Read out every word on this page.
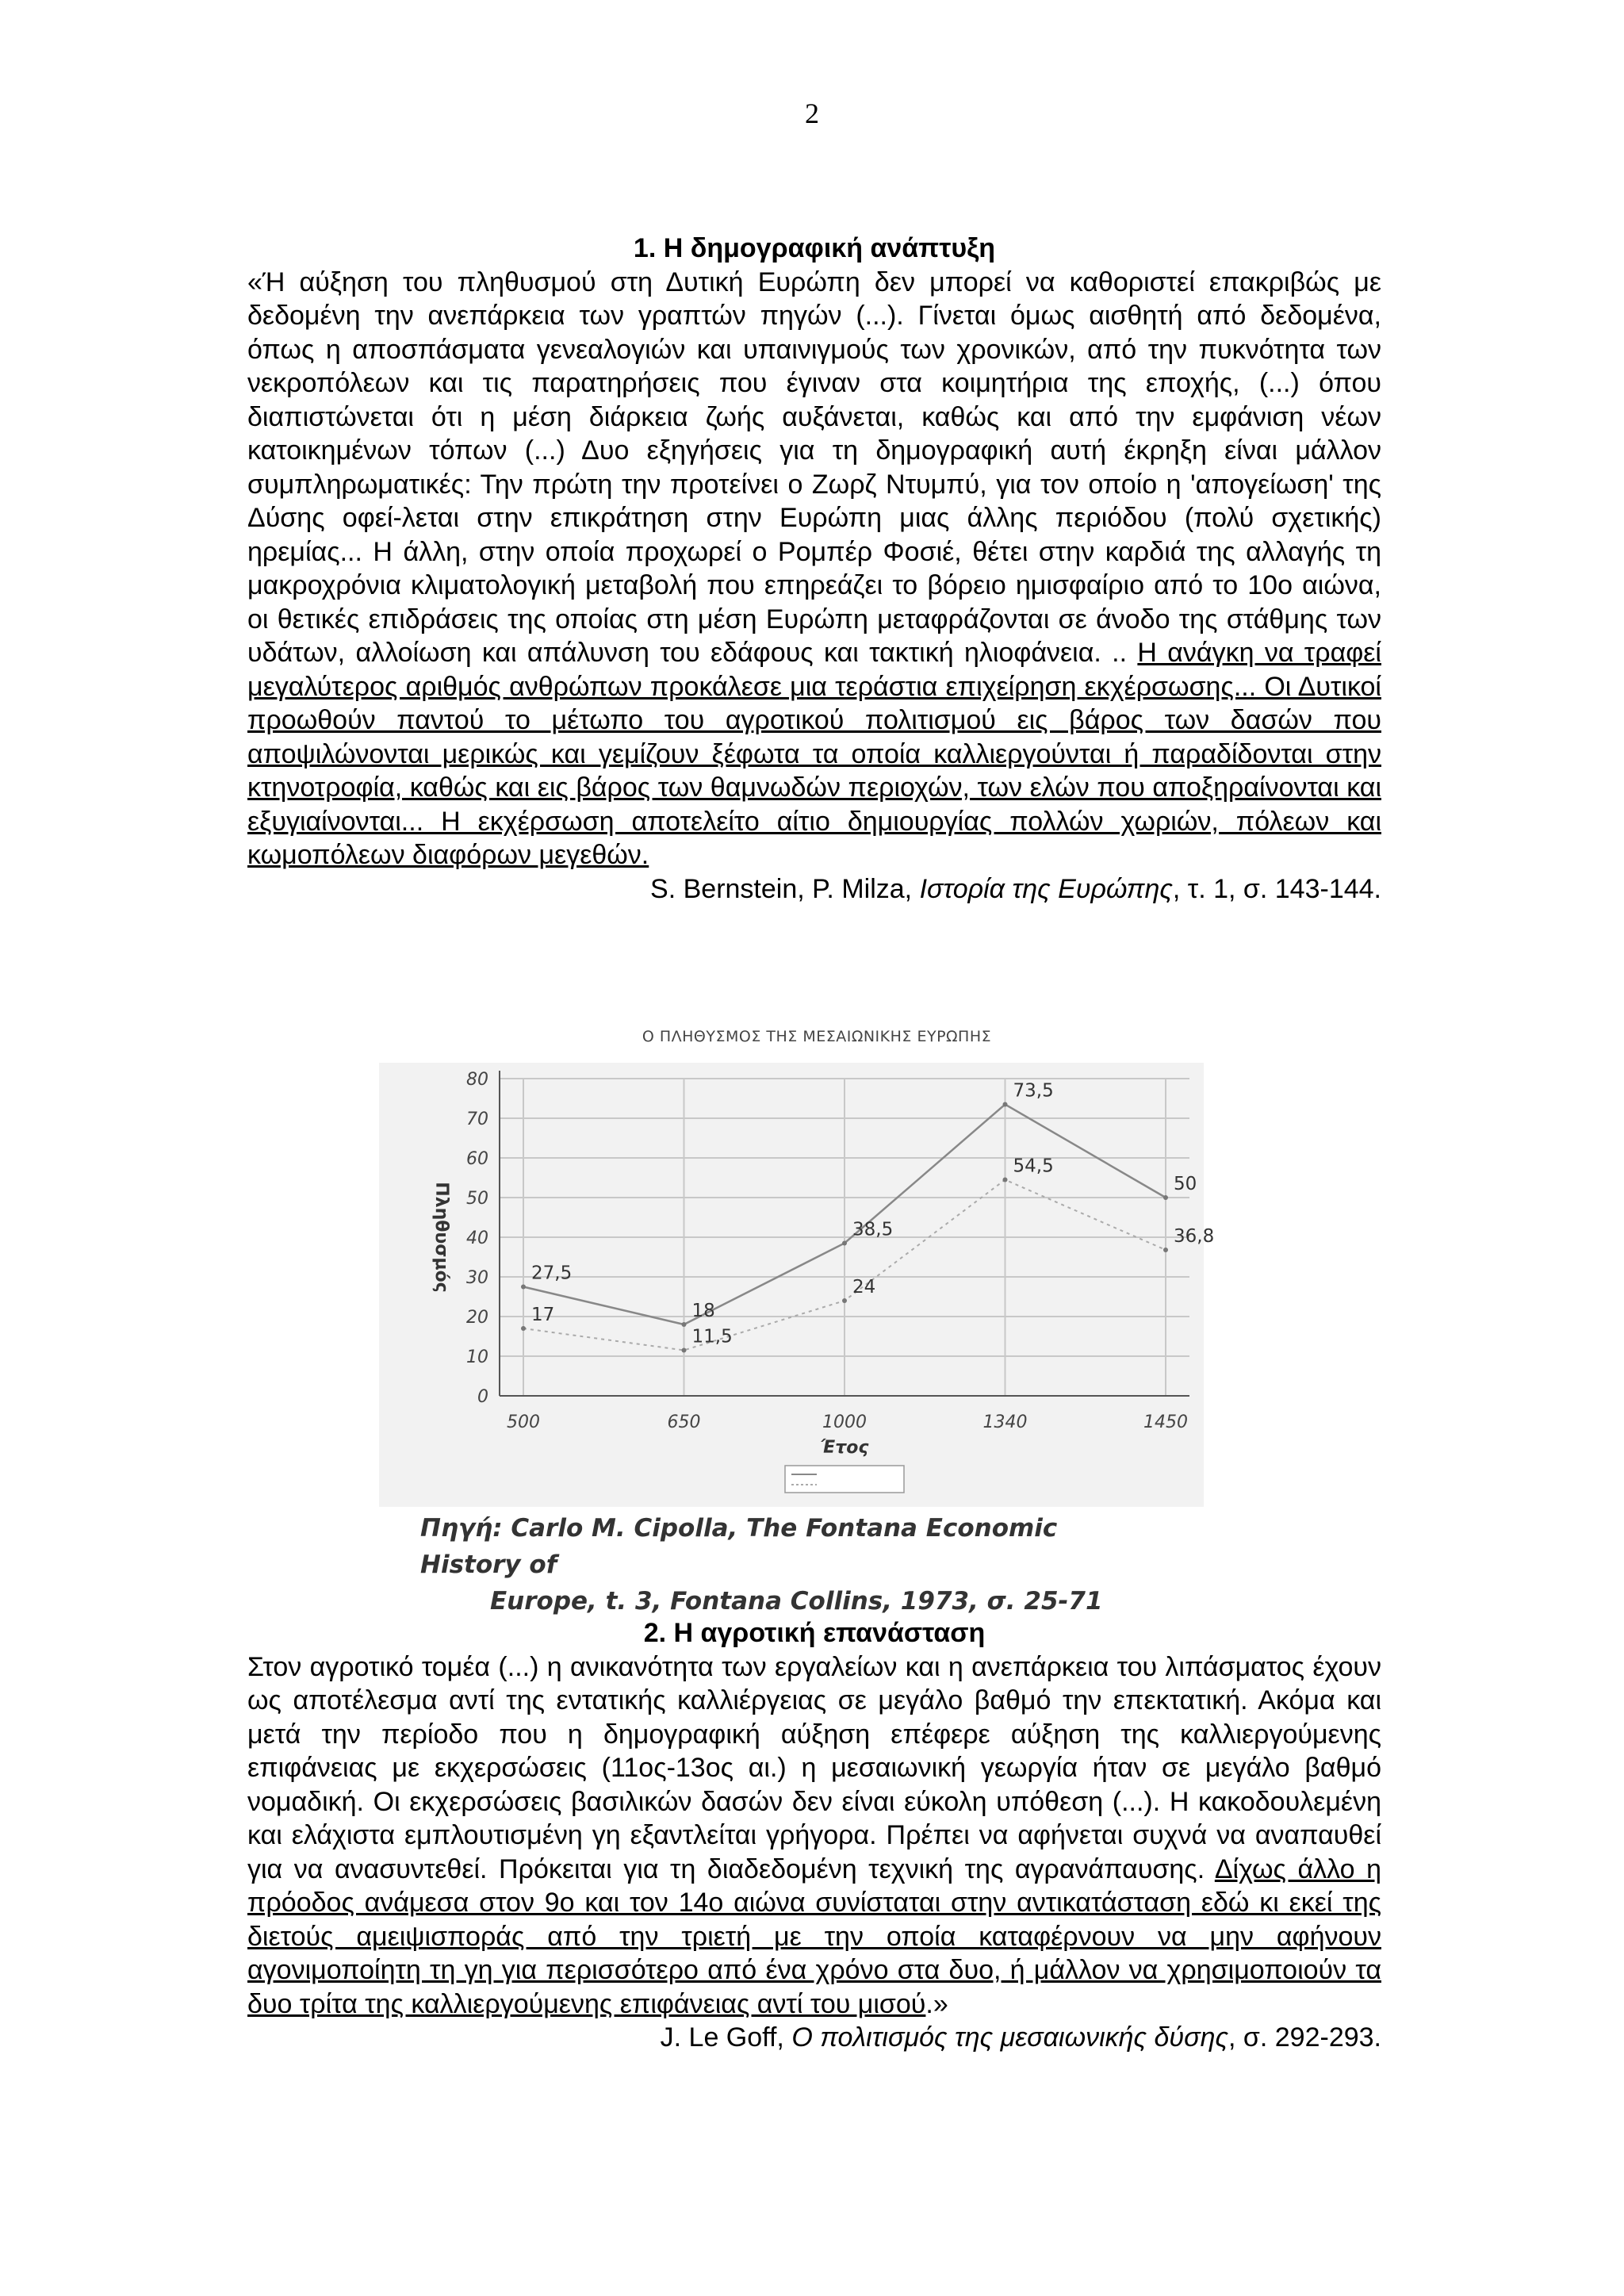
2
1. Η δημογραφική ανάπτυξη
«Ή αύξηση του πληθυσμού στη Δυτική Ευρώπη δεν μπορεί να καθοριστεί επακριβώς με δεδομένη την ανεπάρκεια των γραπτών πηγών (...). Γίνεται όμως αισθητή από δεδομένα, όπως η αποσπάσματα γενεαλογιών και υπαινιγμούς των χρονικών, από την πυκνότητα των νεκροπόλεων και τις παρατηρήσεις που έγιναν στα κοιμητήρια της εποχής, (...) όπου διαπιστώνεται ότι η μέση διάρκεια ζωής αυξάνεται, καθώς και από την εμφάνιση νέων κατοικημένων τόπων (...) Δυο εξηγήσεις για τη δημογραφική αυτή έκρηξη είναι μάλλον συμπληρωματικές: Την πρώτη την προτείνει ο Ζωρζ Ντυμπύ, για τον οποίο η 'απογείωση' της Δύσης οφεί-λεται στην επικράτηση στην Ευρώπη μιας άλλης περιόδου (πολύ σχετικής) ηρεμίας... Η άλλη, στην οποία προχωρεί ο Ρομπέρ Φοσιέ, θέτει στην καρδιά της αλλαγής τη μακροχρόνια κλιματολογική μεταβολή που επηρεάζει το βόρειο ημισφαίριο από το 10ο αιώνα, οι θετικές επιδράσεις της οποίας στη μέση Ευρώπη μεταφράζονται σε άνοδο της στάθμης των υδάτων, αλλοίωση και απάλυνση του εδάφους και τακτική ηλιοφάνεια. .. Η ανάγκη να τραφεί μεγαλύτερος αριθμός ανθρώπων προκάλεσε μια τεράστια επιχείρηση εκχέρσωσης... Οι Δυτικοί προωθούν παντού το μέτωπο του αγροτικού πολιτισμού εις βάρος των δασών που αποψιλώνονται μερικώς και γεμίζουν ξέφωτα τα οποία καλλιεργούνται ή παραδίδονται στην κτηνοτροφία, καθώς και εις βάρος των θαμνωδών περιοχών, των ελών που αποξηραίνονται και εξυγιαίνονται... Η εκχέρσωση αποτελείτο αίτιο δημιουργίας πολλών χωριών, πόλεων και κωμοπόλεων διαφόρων μεγεθών.
S. Bernstein, P. Milza, Ιστορία της Ευρώπης, τ. 1, σ. 143-144.
Ο ΠΛΗΘΥΣΜΟΣ ΤΗΣ ΜΕΣΑΙΩΝΙΚΗΣ ΕΥΡΩΠΗΣ
0
10
20
30
40
50
60
70
80
500	650	1000	1340	1450
Έτος
Πληθυσμός	27,5
18
38,5
73,5
50
17
11,5
24
54,5
36,8
Πηγή: Carlo M. Cipolla, The Fontana Economic History of
Europe, t. 3, Fontana Collins, 1973, σ. 25-71
2. Η αγροτική επανάσταση
Στον αγροτικό τομέα (...) η ανικανότητα των εργαλείων και η ανεπάρκεια του λιπάσματος έχουν ως αποτέλεσμα αντί της εντατικής καλλιέργειας σε μεγάλο βαθμό την επεκτατική. Ακόμα και μετά την περίοδο που η δημογραφική αύξηση επέφερε αύξηση της καλλιεργούμενης επιφάνειας με εκχερσώσεις (11ος-13ος αι.) η μεσαιωνική γεωργία ήταν σε μεγάλο βαθμό νομαδική. Οι εκχερσώσεις βασιλικών δασών δεν είναι εύκολη υπόθεση (...). Η κακοδουλεμένη και ελάχιστα εμπλουτισμένη γη εξαντλείται γρήγορα. Πρέπει να αφήνεται συχνά να αναπαυθεί για να ανασυντεθεί. Πρόκειται για τη διαδεδομένη τεχνική της αγρανάπαυσης. Δίχως άλλο η πρόοδος ανάμεσα στον 9ο και τον 14ο αιώνα συνίσταται στην αντικατάσταση εδώ κι εκεί της διετούς αμειψισποράς από την τριετή με την οποία καταφέρνουν να μην αφήνουν αγονιμοποίητη τη γη για περισσότερο από ένα χρόνο στα δυο, ή μάλλον να χρησιμοποιούν τα δυο τρίτα της καλλιεργούμενης επιφάνειας αντί του μισού.»
J. Le Goff, Ο πολιτισμός της μεσαιωνικής δύσης, σ. 292-293.
